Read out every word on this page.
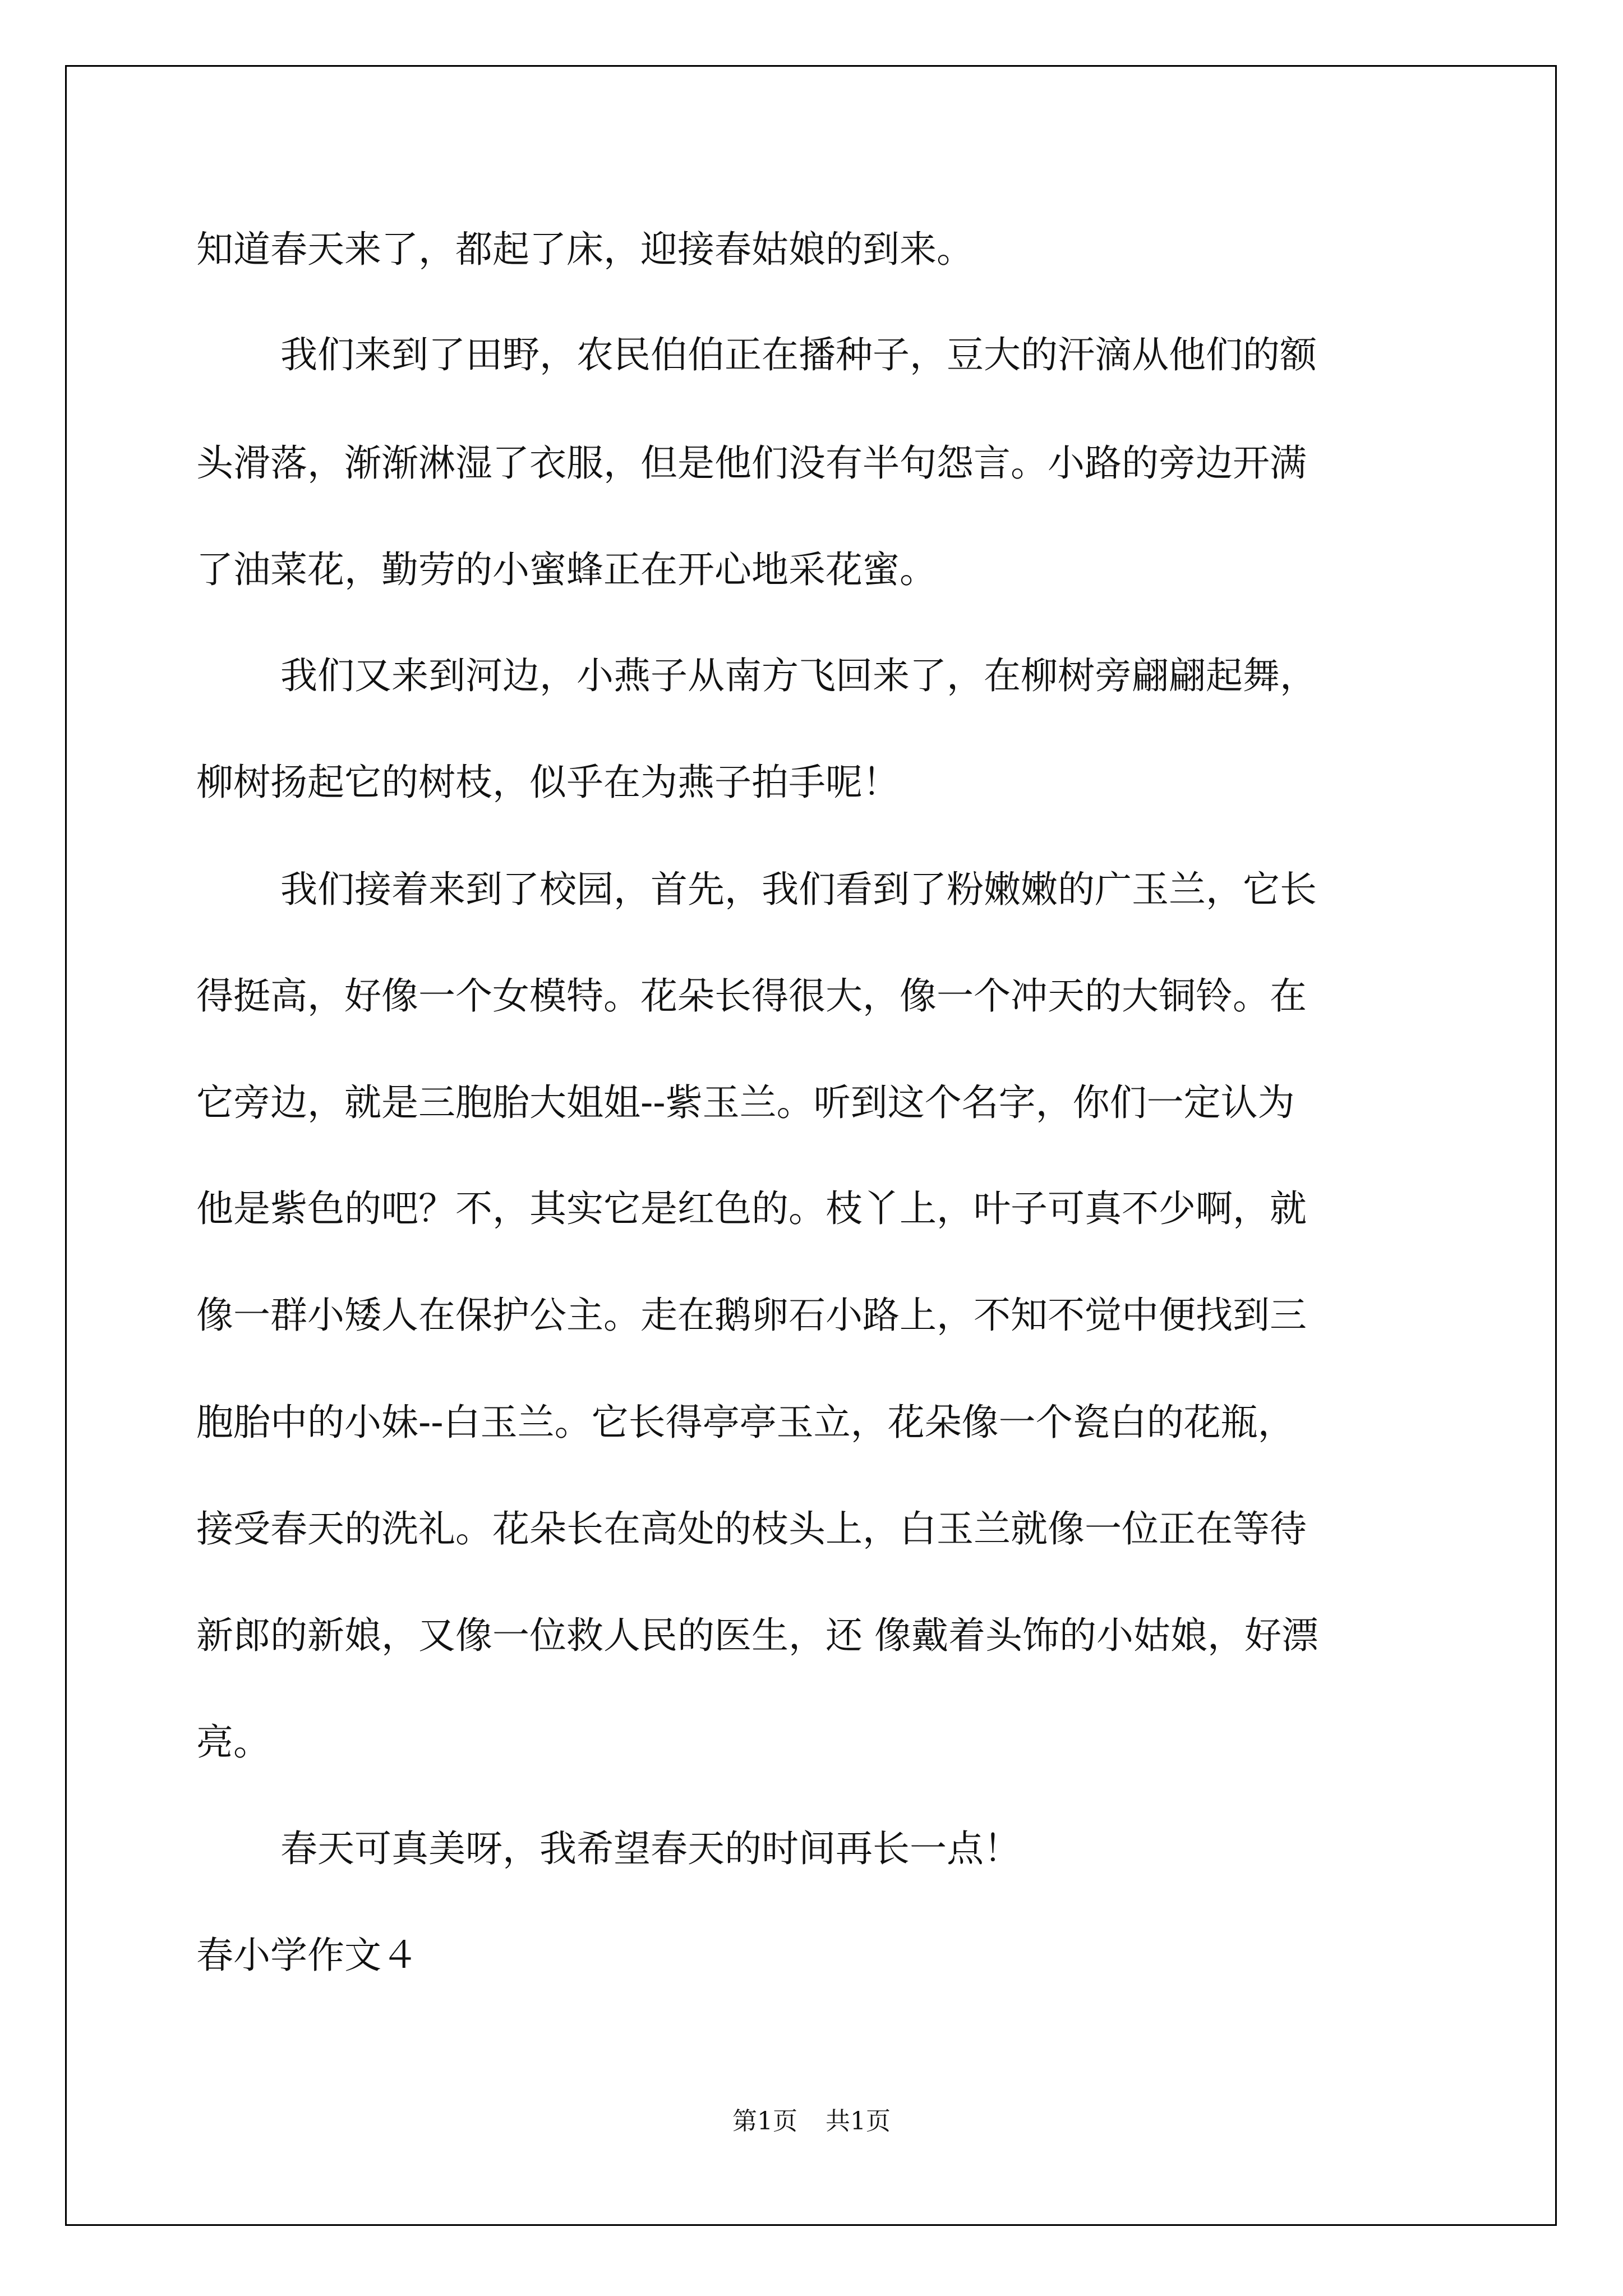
知道春天来了，都起了床，迎接春姑娘的到来。
我们来到了田野，农民伯伯正在播种子，豆大的汗滴从他们的额
头滑落，渐渐淋湿了衣服，但是他们没有半句怨言。小路的旁边开满
了油菜花，勤劳的小蜜蜂正在开心地采花蜜。
我们又来到河边，小燕子从南方飞回来了，在柳树旁翩翩起舞，
柳树扬起它的树枝，似乎在为燕子拍手呢！
我们接着来到了校园，首先，我们看到了粉嫩嫩的广玉兰，它长
得挺高，好像一个女模特。花朵长得很大，像一个冲天的大铜铃。在
它旁边，就是三胞胎大姐姐--紫玉兰。听到这个名字，你们一定认为
他是紫色的吧？不，其实它是红色的。枝丫上，叶子可真不少啊，就
像一群小矮人在保护公主。走在鹅卵石小路上，不知不觉中便找到三
胞胎中的小妹--白玉兰。它长得亭亭玉立，花朵像一个瓷白的花瓶，
接受春天的洗礼。花朵长在高处的枝头上，白玉兰就像一位正在等待
新郎的新娘，又像一位救人民的医生，还 像戴着头饰的小姑娘，好漂
亮。
春天可真美呀，我希望春天的时间再长一点！
春小学作文４
第1页 共1页
